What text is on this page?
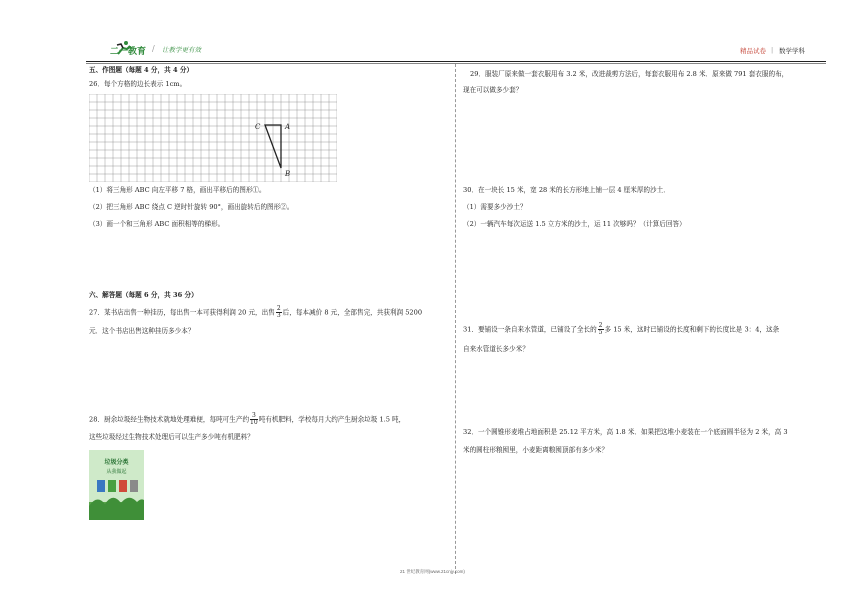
二一教育 / 让教学更有效	精品试卷 | 数学学科
五、作图题（每题 4 分，共 4 分）
26．每个方格的边长表示 1cm。
C	A
B
（1）将三角形 ABC 向左平移 7 格，画出平移后的图形①。
（2）把三角形 ABC 绕点 C 逆时针旋转 90°，画出旋转后的图形②。
（3）画一个和三角形 ABC 面积相等的梯形。
六、解答题（每题 6 分，共 36 分）
27．某书店出售一种挂历，每出售一本可获得利润 20 元，出售 $\frac{2}{3}$ 后，每本减价 8 元，全部售完，共获利润 5200
元．这个书店出售这种挂历多少本？
28．厨余垃圾经生物技术就地处理难便，每吨可生产约 $\frac{3}{10}$ 吨有机肥料，学校每月大约产生厨余垃圾 1.5 吨，
这些垃圾经过生物技术处理后可以生产多少吨有机肥料？
垃圾分类
从我做起
29．服装厂原来做一套衣服用布 3.2 米，改进裁剪方法后，每套衣服用布 2.8 米．原来做 791 套衣服的布，
现在可以做多少套？
30．在一块长 15 米，宽 28 米的长方形地上铺一层 4 厘米厚的沙土．
（1）需要多少沙土？
（2）一辆汽车每次运送 1.5 立方米的沙土，运 11 次够吗？（计算后回答）
31．要铺设一条自来水管道，已铺设了全长的 $\frac{2}{5}$ 多 15 米，这时已铺设的长度和剩下的长度比是 3：4，这条
自来水管道长多少米？
32．一个圆锥形麦堆占地面积是 25.12 平方米，高 1.8 米．如果把这堆小麦装在一个底面圆半径为 2 米，高 3
米的圆柱形粮囤里，小麦距离粮囤顶部有多少米？
21 世纪教育网(www.21cnjy.com)
